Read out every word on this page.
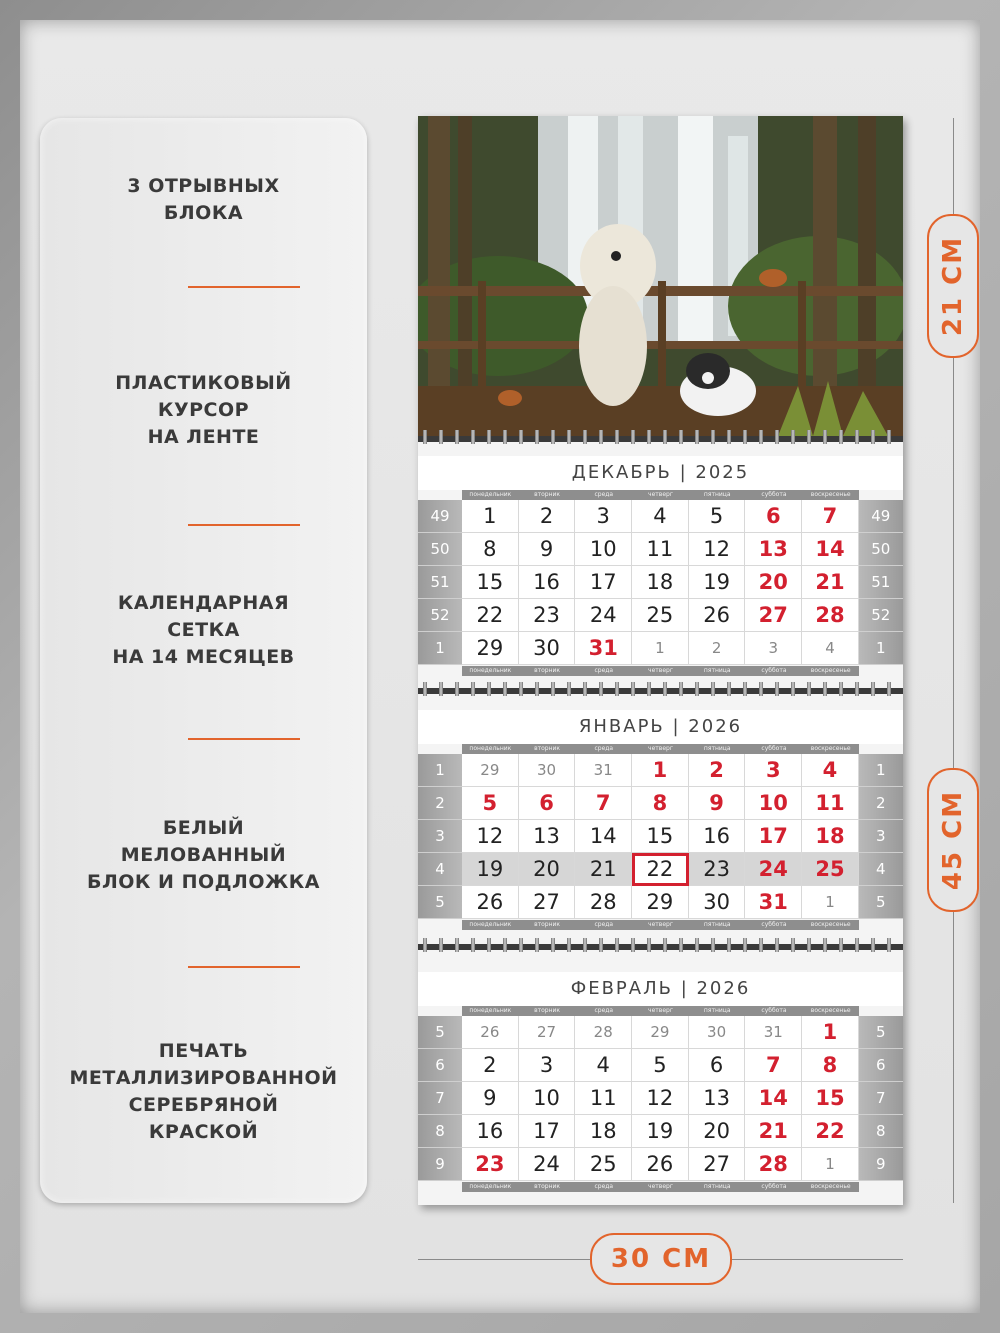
3 ОТРЫВНЫХ
БЛОКА
ПЛАСТИКОВЫЙ
КУРСОР
НА ЛЕНТЕ
КАЛЕНДАРНАЯ
СЕТКА
НА 14 МЕСЯЦЕВ
БЕЛЫЙ
МЕЛОВАННЫЙ
БЛОК И ПОДЛОЖКА
ПЕЧАТЬ
МЕТАЛЛИЗИРОВАННОЙ
СЕРЕБРЯНОЙ
КРАСКОЙ
ДЕКАБРЬ | 2025
понедельник	вторник	среда	четверг	пятница	суббота	воскресенье
49	1	2	3	4	5	6	7	49
50	8	9	10	11	12	13	14	50
51	15	16	17	18	19	20	21	51
52	22	23	24	25	26	27	28	52
1	29	30	31	1	2	3	4	1
понедельник	вторник	среда	четверг	пятница	суббота	воскресенье
ЯНВАРЬ | 2026
понедельник	вторник	среда	четверг	пятница	суббота	воскресенье
1	29	30	31	1	2	3	4	1
2	5	6	7	8	9	10	11	2
3	12	13	14	15	16	17	18	3
4	19	20	21	22	23	24	25	4
5	26	27	28	29	30	31	1	5
понедельник	вторник	среда	четверг	пятница	суббота	воскресенье
ФЕВРАЛЬ | 2026
понедельник	вторник	среда	четверг	пятница	суббота	воскресенье
5	26	27	28	29	30	31	1	5
6	2	3	4	5	6	7	8	6
7	9	10	11	12	13	14	15	7
8	16	17	18	19	20	21	22	8
9	23	24	25	26	27	28	1	9
понедельник	вторник	среда	четверг	пятница	суббота	воскресенье
21 СМ
45 СМ
30 СМ
